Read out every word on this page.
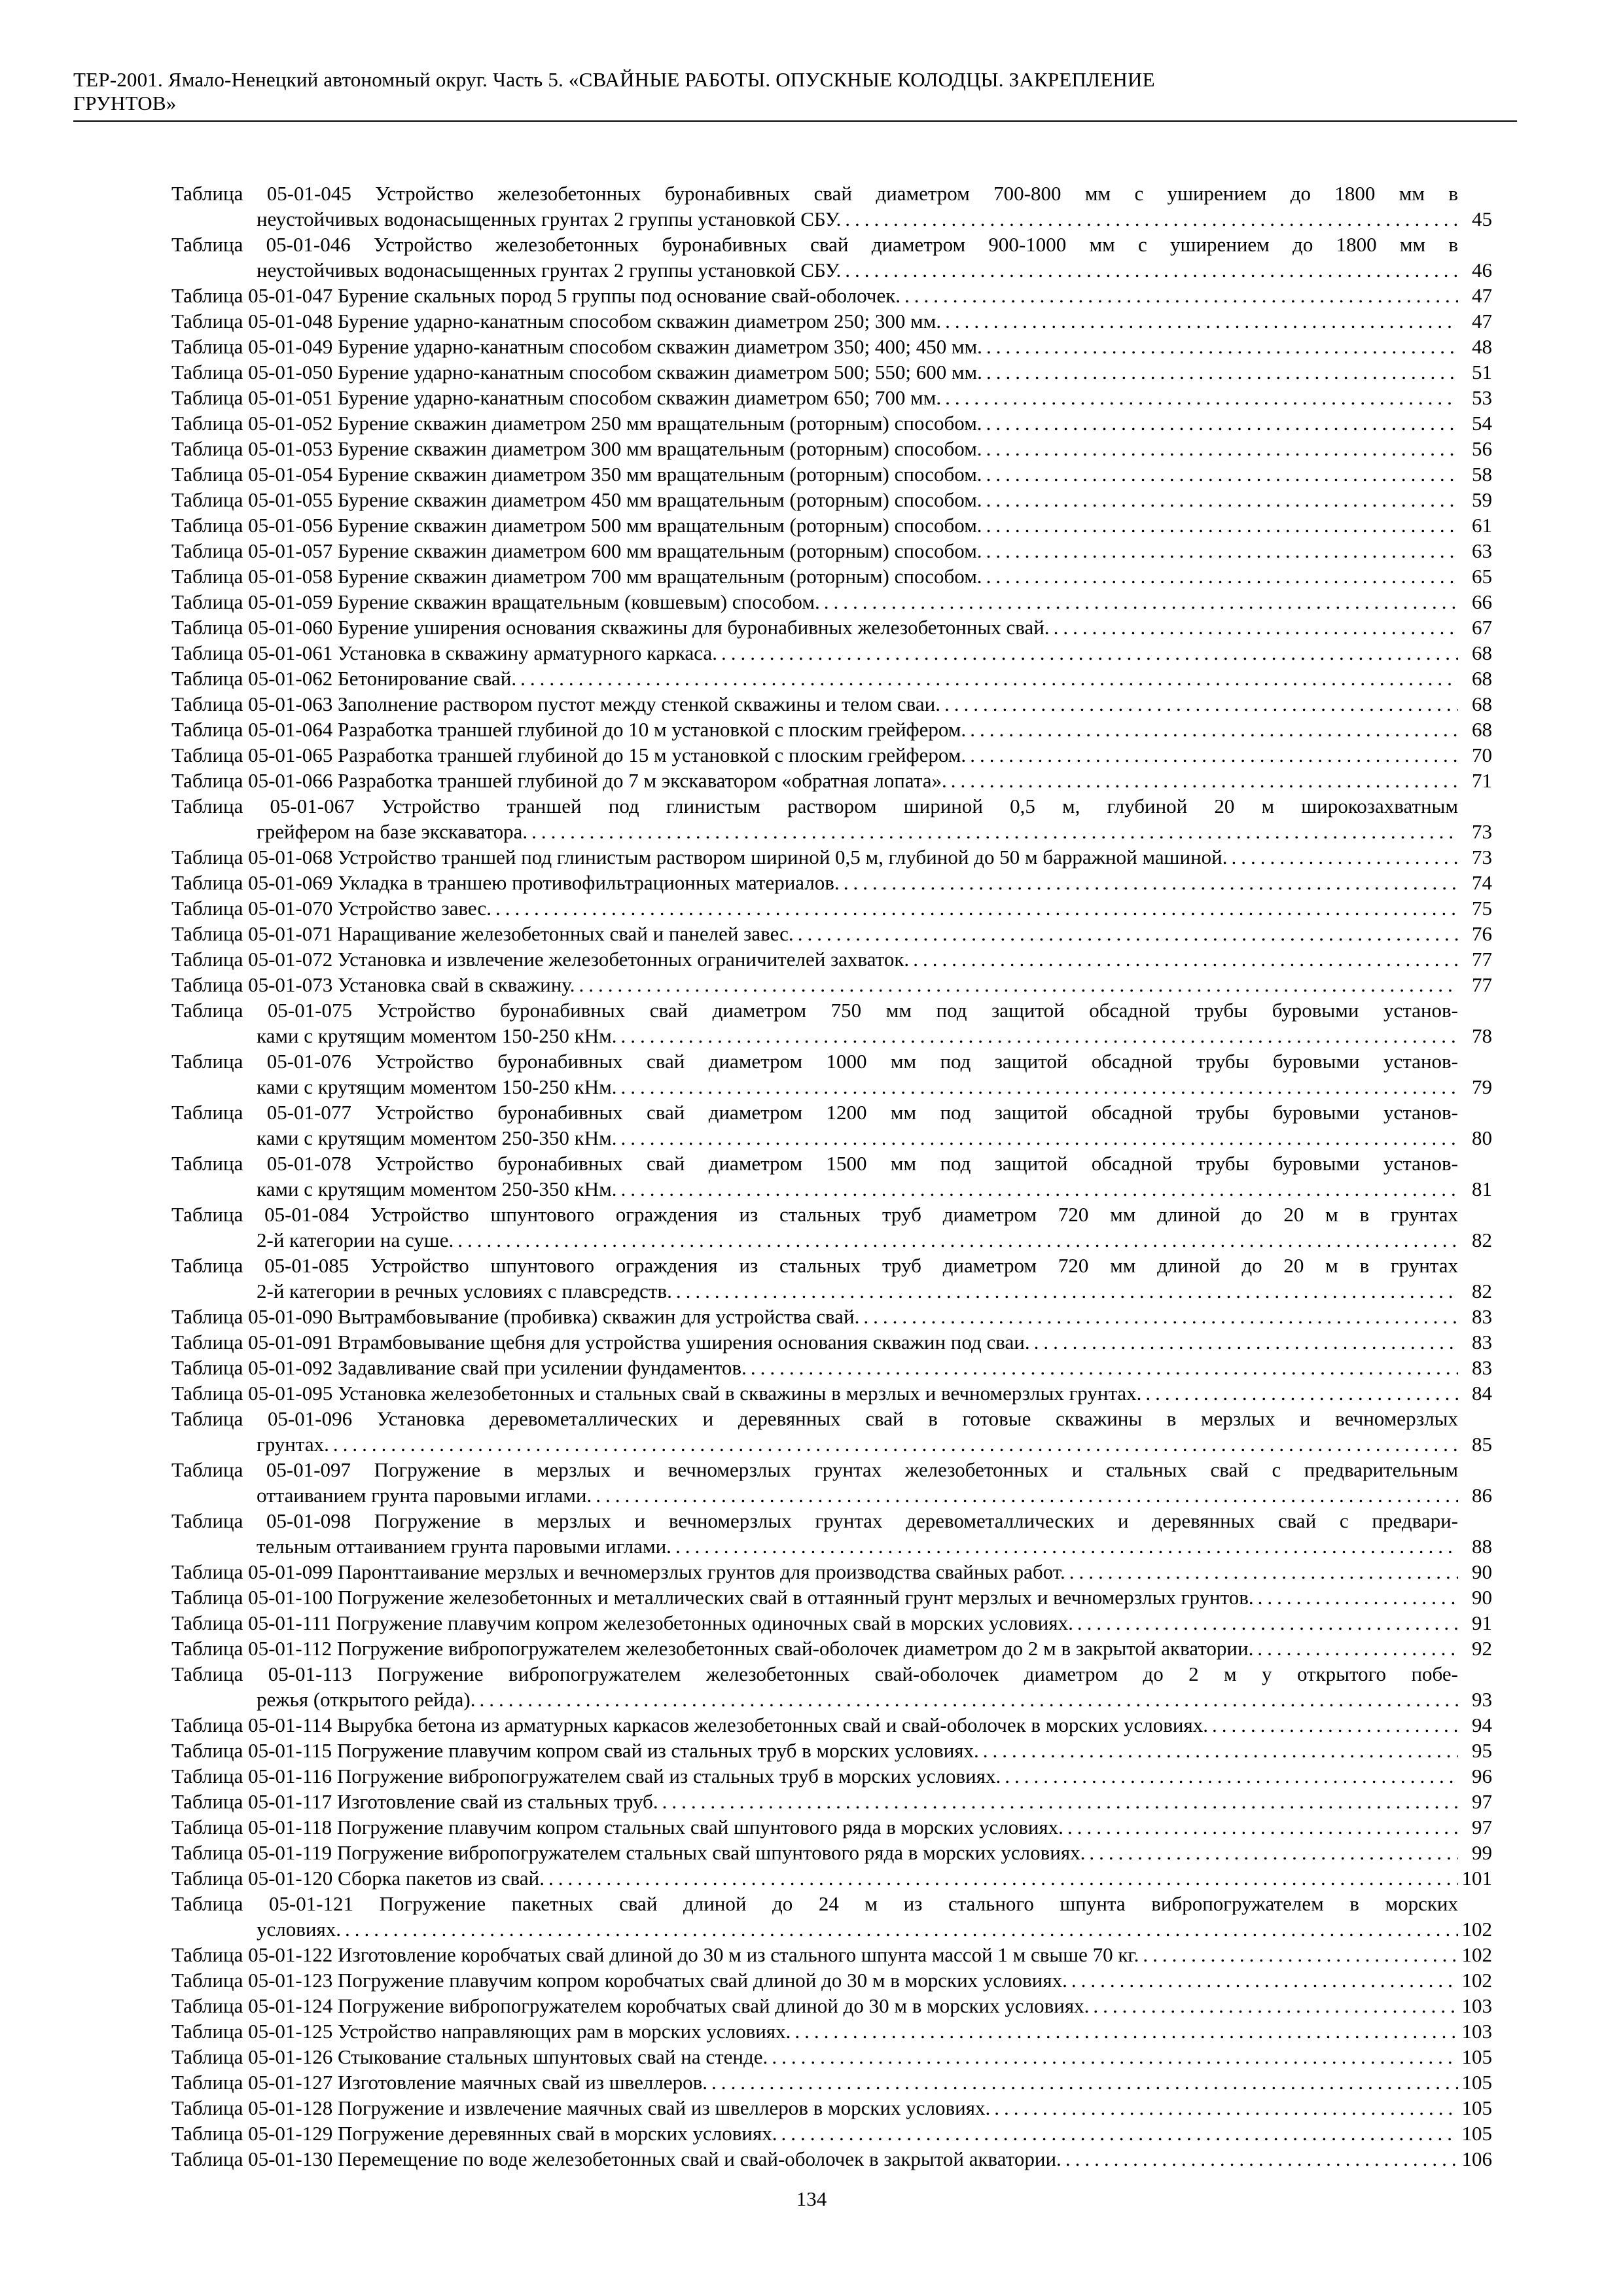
ТЕР-2001. Ямало-Ненецкий автономный округ. Часть 5. «СВАЙНЫЕ РАБОТЫ. ОПУСКНЫЕ КОЛОДЦЫ. ЗАКРЕПЛЕНИЕ
ГРУНТОВ»
Таблица 05-01-045 Устройство железобетонных буронабивных свай диаметром 700-800 мм с уширением до 1800 мм в
неустойчивых водонасыщенных грунтах 2 группы установкой СБУ. .....	45
Таблица 05-01-046 Устройство железобетонных буронабивных свай диаметром 900-1000 мм с уширением до 1800 мм в
неустойчивых водонасыщенных грунтах 2 группы установкой СБУ. .....	46
Таблица 05-01-047 Бурение скальных пород 5 группы под основание свай-оболочек. .....	47
Таблица 05-01-048 Бурение ударно-канатным способом скважин диаметром 250; 300 мм. .....	47
Таблица 05-01-049 Бурение ударно-канатным способом скважин диаметром 350; 400; 450 мм. .....	48
Таблица 05-01-050 Бурение ударно-канатным способом скважин диаметром 500; 550; 600 мм. .....	51
Таблица 05-01-051 Бурение ударно-канатным способом скважин диаметром 650; 700 мм. .....	53
Таблица 05-01-052 Бурение скважин диаметром 250 мм вращательным (роторным) способом. .....	54
Таблица 05-01-053 Бурение скважин диаметром 300 мм вращательным (роторным) способом. .....	56
Таблица 05-01-054 Бурение скважин диаметром 350 мм вращательным (роторным) способом. .....	58
Таблица 05-01-055 Бурение скважин диаметром 450 мм вращательным (роторным) способом. .....	59
Таблица 05-01-056 Бурение скважин диаметром 500 мм вращательным (роторным) способом. .....	61
Таблица 05-01-057 Бурение скважин диаметром 600 мм вращательным (роторным) способом. .....	63
Таблица 05-01-058 Бурение скважин диаметром 700 мм вращательным (роторным) способом. .....	65
Таблица 05-01-059 Бурение скважин вращательным (ковшевым) способом. .....	66
Таблица 05-01-060 Бурение уширения основания скважины для буронабивных железобетонных свай. .....	67
Таблица 05-01-061 Установка в скважину арматурного каркаса. .....	68
Таблица 05-01-062 Бетонирование свай. .....	68
Таблица 05-01-063 Заполнение раствором пустот между стенкой скважины и телом сваи. .....	68
Таблица 05-01-064 Разработка траншей глубиной до 10 м установкой с плоским грейфером. .....	68
Таблица 05-01-065 Разработка траншей глубиной до 15 м установкой с плоским грейфером. .....	70
Таблица 05-01-066 Разработка траншей глубиной до 7 м экскаватором «обратная лопата». .....	71
Таблица 05-01-067 Устройство траншей под глинистым раствором шириной 0,5 м, глубиной 20 м широкозахватным
грейфером на базе экскаватора. .....	73
Таблица 05-01-068 Устройство траншей под глинистым раствором шириной 0,5 м, глубиной до 50 м барражной машиной. .....	73
Таблица 05-01-069 Укладка в траншею противофильтрационных материалов. .....	74
Таблица 05-01-070 Устройство завес. .....	75
Таблица 05-01-071 Наращивание железобетонных свай и панелей завес. .....	76
Таблица 05-01-072 Установка и извлечение железобетонных ограничителей захваток. .....	77
Таблица 05-01-073 Установка свай в скважину. .....	77
Таблица 05-01-075 Устройство буронабивных свай диаметром 750 мм под защитой обсадной трубы буровыми установ-
ками с крутящим моментом 150-250 кНм. .....	78
Таблица 05-01-076 Устройство буронабивных свай диаметром 1000 мм под защитой обсадной трубы буровыми установ-
ками с крутящим моментом 150-250 кНм. .....	79
Таблица 05-01-077 Устройство буронабивных свай диаметром 1200 мм под защитой обсадной трубы буровыми установ-
ками с крутящим моментом 250-350 кНм. .....	80
Таблица 05-01-078 Устройство буронабивных свай диаметром 1500 мм под защитой обсадной трубы буровыми установ-
ками с крутящим моментом 250-350 кНм. .....	81
Таблица 05-01-084 Устройство шпунтового ограждения из стальных труб диаметром 720 мм длиной до 20 м в грунтах
2-й категории на суше. .....	82
Таблица 05-01-085 Устройство шпунтового ограждения из стальных труб диаметром 720 мм длиной до 20 м в грунтах
2-й категории в речных условиях с плавсредств. .....	82
Таблица 05-01-090 Вытрамбовывание (пробивка) скважин для устройства свай. .....	83
Таблица 05-01-091 Втрамбовывание щебня для устройства уширения основания скважин под сваи. .....	83
Таблица 05-01-092 Задавливание свай при усилении фундаментов. .....	83
Таблица 05-01-095 Установка железобетонных и стальных свай в скважины в мерзлых и вечномерзлых грунтах. .....	84
Таблица 05-01-096 Установка деревометаллических и деревянных свай в готовые скважины в мерзлых и вечномерзлых
грунтах. .....	85
Таблица 05-01-097 Погружение в мерзлых и вечномерзлых грунтах железобетонных и стальных свай с предварительным
оттаиванием грунта паровыми иглами. .....	86
Таблица 05-01-098 Погружение в мерзлых и вечномерзлых грунтах деревометаллических и деревянных свай с предвари-
тельным оттаиванием грунта паровыми иглами. .....	88
Таблица 05-01-099 Паронттаивание мерзлых и вечномерзлых грунтов для производства свайных работ. .....	90
Таблица 05-01-100 Погружение железобетонных и металлических свай в оттаянный грунт мерзлых и вечномерзлых грунтов. .....	90
Таблица 05-01-111 Погружение плавучим копром железобетонных одиночных свай в морских условиях. .....	91
Таблица 05-01-112 Погружение вибропогружателем железобетонных свай-оболочек диаметром до 2 м в закрытой акватории. .....	92
Таблица 05-01-113 Погружение вибропогружателем железобетонных свай-оболочек диаметром до 2 м у открытого побе-
режья (открытого рейда). .....	93
Таблица 05-01-114 Вырубка бетона из арматурных каркасов железобетонных свай и свай-оболочек в морских условиях. .....	94
Таблица 05-01-115 Погружение плавучим копром свай из стальных труб в морских условиях. .....	95
Таблица 05-01-116 Погружение вибропогружателем свай из стальных труб в морских условиях. .....	96
Таблица 05-01-117 Изготовление свай из стальных труб. .....	97
Таблица 05-01-118 Погружение плавучим копром стальных свай шпунтового ряда в морских условиях. .....	97
Таблица 05-01-119 Погружение вибропогружателем стальных свай шпунтового ряда в морских условиях. .....	99
Таблица 05-01-120 Сборка пакетов из свай. .....	101
Таблица 05-01-121 Погружение пакетных свай длиной до 24 м из стального шпунта вибропогружателем в морских
условиях. .....	102
Таблица 05-01-122 Изготовление коробчатых свай длиной до 30 м из стального шпунта массой 1 м свыше 70 кг. .....	102
Таблица 05-01-123 Погружение плавучим копром коробчатых свай длиной до 30 м в морских условиях. .....	102
Таблица 05-01-124 Погружение вибропогружателем коробчатых свай длиной до 30 м в морских условиях. .....	103
Таблица 05-01-125 Устройство направляющих рам в морских условиях. .....	103
Таблица 05-01-126 Стыкование стальных шпунтовых свай на стенде. .....	105
Таблица 05-01-127 Изготовление маячных свай из швеллеров. .....	105
Таблица 05-01-128 Погружение и извлечение маячных свай из швеллеров в морских условиях. .....	105
Таблица 05-01-129 Погружение деревянных свай в морских условиях. .....	105
Таблица 05-01-130 Перемещение по воде железобетонных свай и свай-оболочек в закрытой акватории. .....	106
134
